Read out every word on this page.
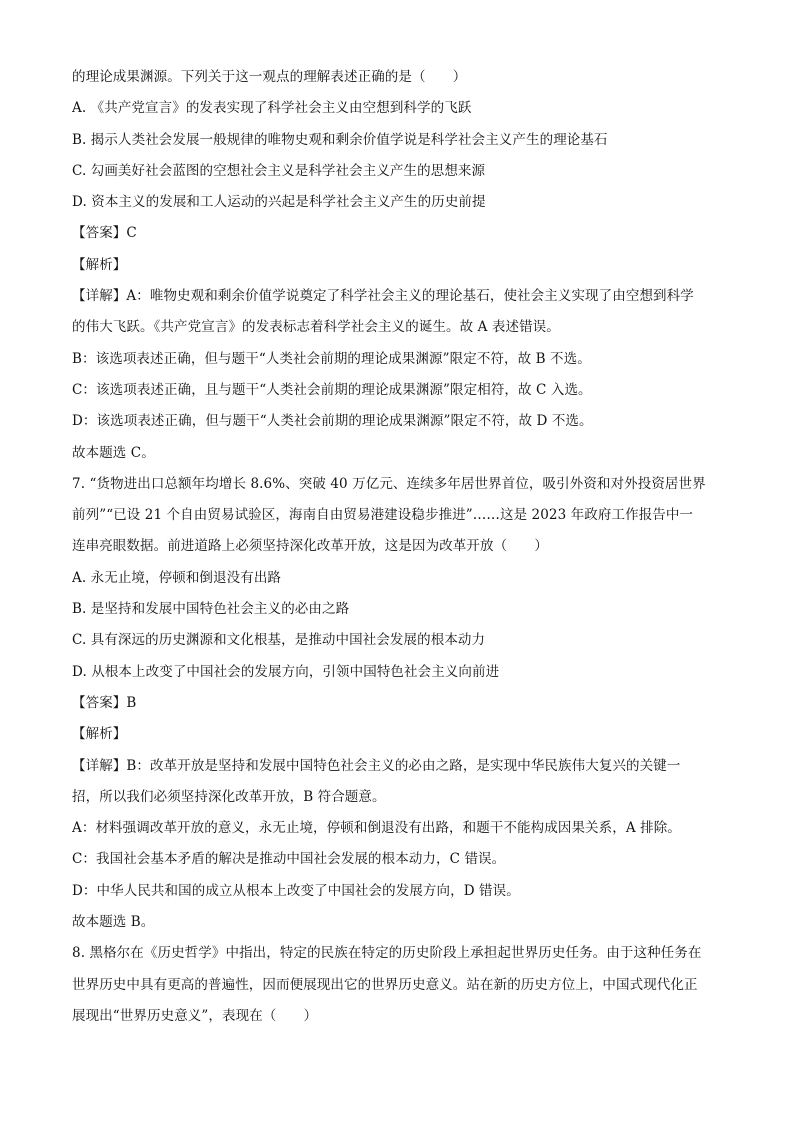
的理论成果渊源。下列关于这一观点的理解表述正确的是（　　）
A. 《共产党宣言》的发表实现了科学社会主义由空想到科学的飞跃
B. 揭示人类社会发展一般规律的唯物史观和剩余价值学说是科学社会主义产生的理论基石
C. 勾画美好社会蓝图的空想社会主义是科学社会主义产生的思想来源
D. 资本主义的发展和工人运动的兴起是科学社会主义产生的历史前提
【答案】C
【解析】
【详解】A：唯物史观和剩余价值学说奠定了科学社会主义的理论基石，使社会主义实现了由空想到科学
的伟大飞跃。《共产党宣言》的发表标志着科学社会主义的诞生。故 A 表述错误。
B：该选项表述正确，但与题干“人类社会前期的理论成果渊源”限定不符，故 B 不选。
C：该选项表述正确，且与题干“人类社会前期的理论成果渊源”限定相符，故 C 入选。
D：该选项表述正确，但与题干“人类社会前期的理论成果渊源”限定不符，故 D 不选。
故本题选 C。
7. “货物进出口总额年均增长 8.6%、突破 40 万亿元、连续多年居世界首位，吸引外资和对外投资居世界
前列”“已设 21 个自由贸易试验区，海南自由贸易港建设稳步推进”……这是 2023 年政府工作报告中一
连串亮眼数据。前进道路上必须坚持深化改革开放，这是因为改革开放（　　）
A. 永无止境，停顿和倒退没有出路
B. 是坚持和发展中国特色社会主义的必由之路
C. 具有深远的历史渊源和文化根基，是推动中国社会发展的根本动力
D. 从根本上改变了中国社会的发展方向，引领中国特色社会主义向前进
【答案】B
【解析】
【详解】B：改革开放是坚持和发展中国特色社会主义的必由之路，是实现中华民族伟大复兴的关键一
招，所以我们必须坚持深化改革开放，B 符合题意。
A：材料强调改革开放的意义，永无止境，停顿和倒退没有出路，和题干不能构成因果关系，A 排除。
C：我国社会基本矛盾的解决是推动中国社会发展的根本动力，C 错误。
D：中华人民共和国的成立从根本上改变了中国社会的发展方向，D 错误。
故本题选 B。
8. 黑格尔在《历史哲学》中指出，特定的民族在特定的历史阶段上承担起世界历史任务。由于这种任务在
世界历史中具有更高的普遍性，因而便展现出它的世界历史意义。站在新的历史方位上，中国式现代化正
展现出“世界历史意义”，表现在（　　）
